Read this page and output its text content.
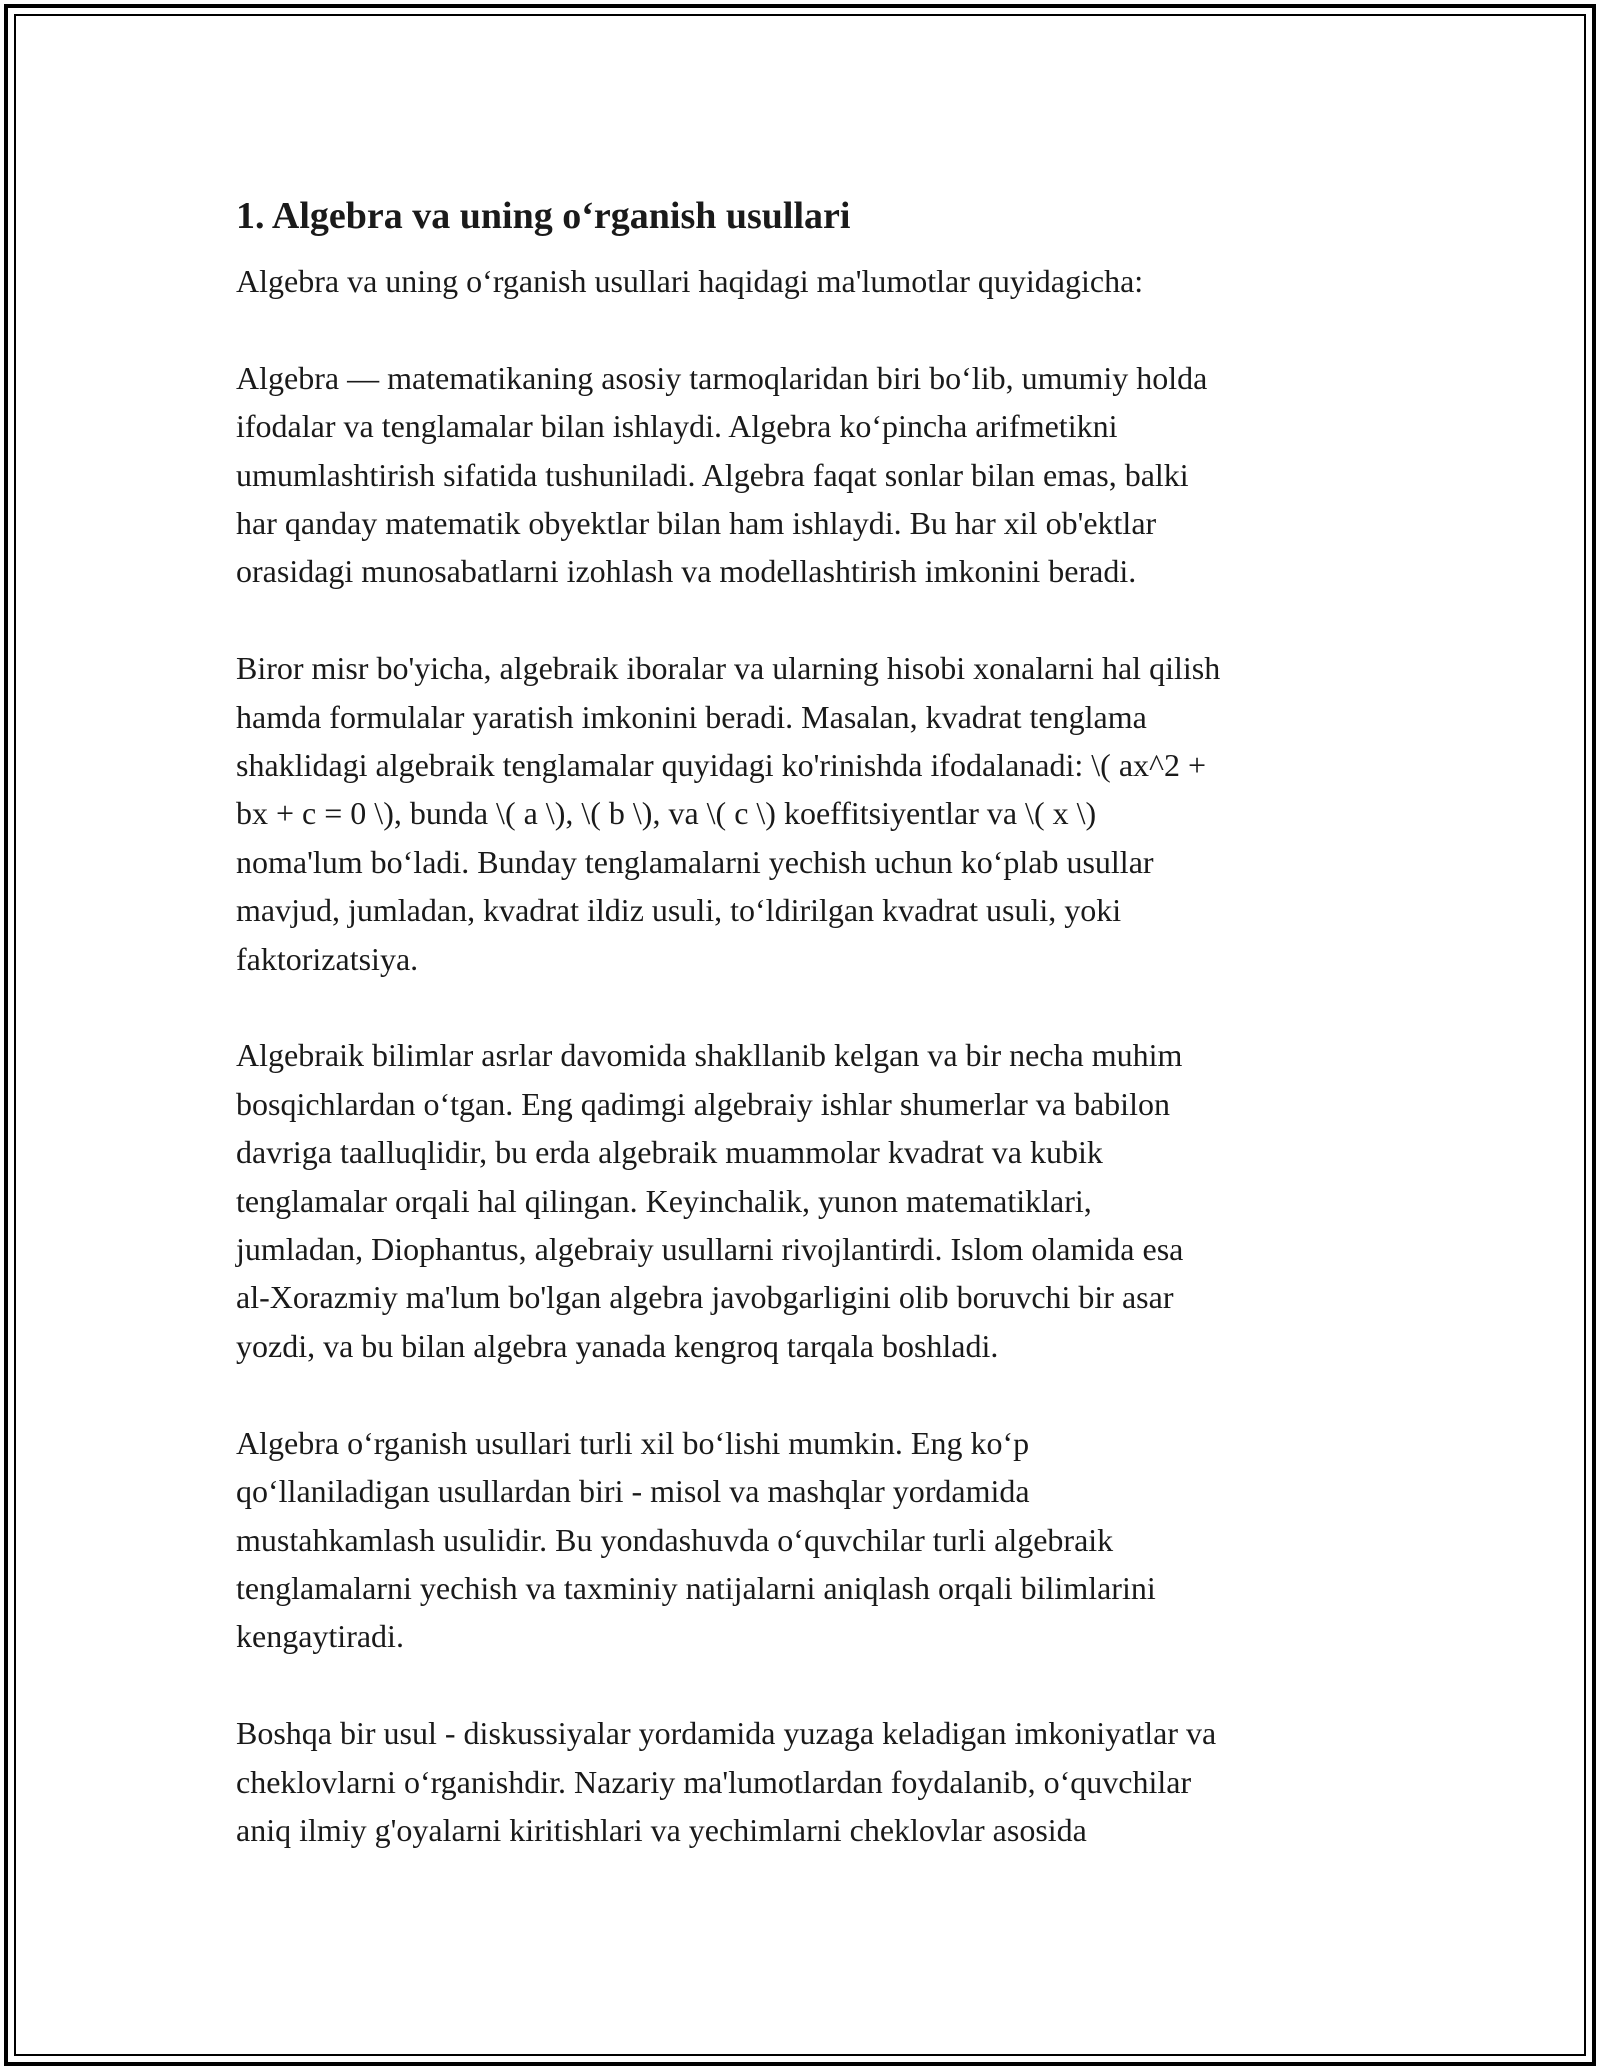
1. Algebra va uning o‘rganish usullari

Algebra va uning o‘rganish usullari haqidagi ma'lumotlar quyidagicha:

Algebra — matematikaning asosiy tarmoqlaridan biri bo‘lib, umumiy holda
ifodalar va tenglamalar bilan ishlaydi. Algebra ko‘pincha arifmetikni
umumlashtirish sifatida tushuniladi. Algebra faqat sonlar bilan emas, balki
har qanday matematik obyektlar bilan ham ishlaydi. Bu har xil ob'ektlar
orasidagi munosabatlarni izohlash va modellashtirish imkonini beradi.

Biror misr bo'yicha, algebraik iboralar va ularning hisobi xonalarni hal qilish
hamda formulalar yaratish imkonini beradi. Masalan, kvadrat tenglama
shaklidagi algebraik tenglamalar quyidagi ko'rinishda ifodalanadi: \( ax^2 +
bx + c = 0 \), bunda \( a \), \( b \), va \( c \) koeffitsiyentlar va \( x \)
noma'lum bo‘ladi. Bunday tenglamalarni yechish uchun ko‘plab usullar
mavjud, jumladan, kvadrat ildiz usuli, to‘ldirilgan kvadrat usuli, yoki
faktorizatsiya.

Algebraik bilimlar asrlar davomida shakllanib kelgan va bir necha muhim
bosqichlardan o‘tgan. Eng qadimgi algebraiy ishlar shumerlar va babilon
davriga taalluqlidir, bu erda algebraik muammolar kvadrat va kubik
tenglamalar orqali hal qilingan. Keyinchalik, yunon matematiklari,
jumladan, Diophantus, algebraiy usullarni rivojlantirdi. Islom olamida esa
al-Xorazmiy ma'lum bo'lgan algebra javobgarligini olib boruvchi bir asar
yozdi, va bu bilan algebra yanada kengroq tarqala boshladi.

Algebra o‘rganish usullari turli xil bo‘lishi mumkin. Eng ko‘p
qo‘llaniladigan usullardan biri - misol va mashqlar yordamida
mustahkamlash usulidir. Bu yondashuvda o‘quvchilar turli algebraik
tenglamalarni yechish va taxminiy natijalarni aniqlash orqali bilimlarini
kengaytiradi.

Boshqa bir usul - diskussiyalar yordamida yuzaga keladigan imkoniyatlar va
cheklovlarni o‘rganishdir. Nazariy ma'lumotlardan foydalanib, o‘quvchilar
aniq ilmiy g'oyalarni kiritishlari va yechimlarni cheklovlar asosida
